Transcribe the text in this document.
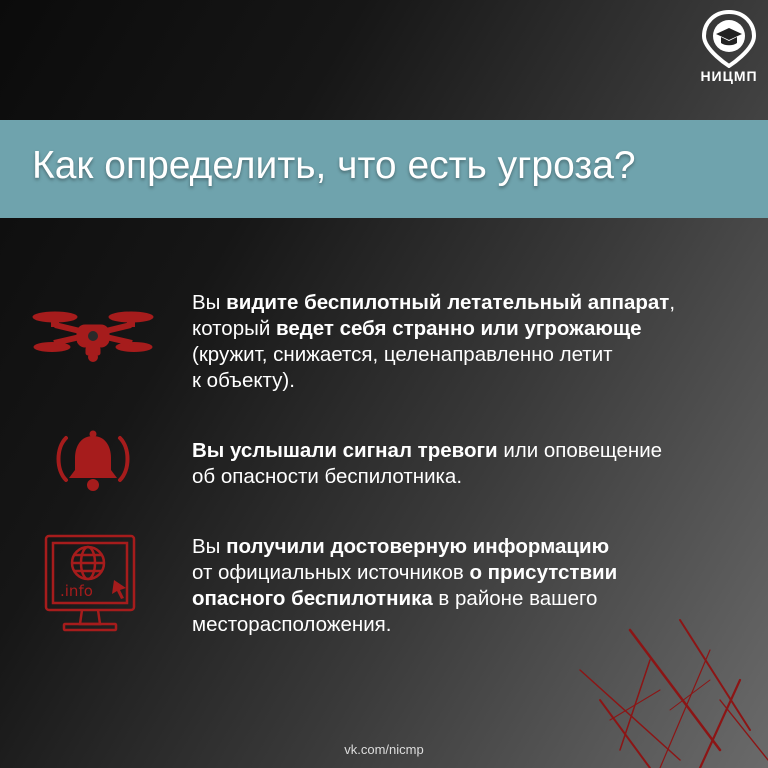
НИЦМП
Как определить, что есть угроза?
Вы видите беспилотный летательный аппарат,
который ведет себя странно или угрожающе
(кружит, снижается, целенаправленно летит
к объекту).
Вы услышали сигнал тревоги или оповещение
об опасности беспилотника.
.info
Вы получили достоверную информацию
от официальных источников о присутствии
опасного беспилотника в районе вашего
месторасположения.
vk.com/nicmp
